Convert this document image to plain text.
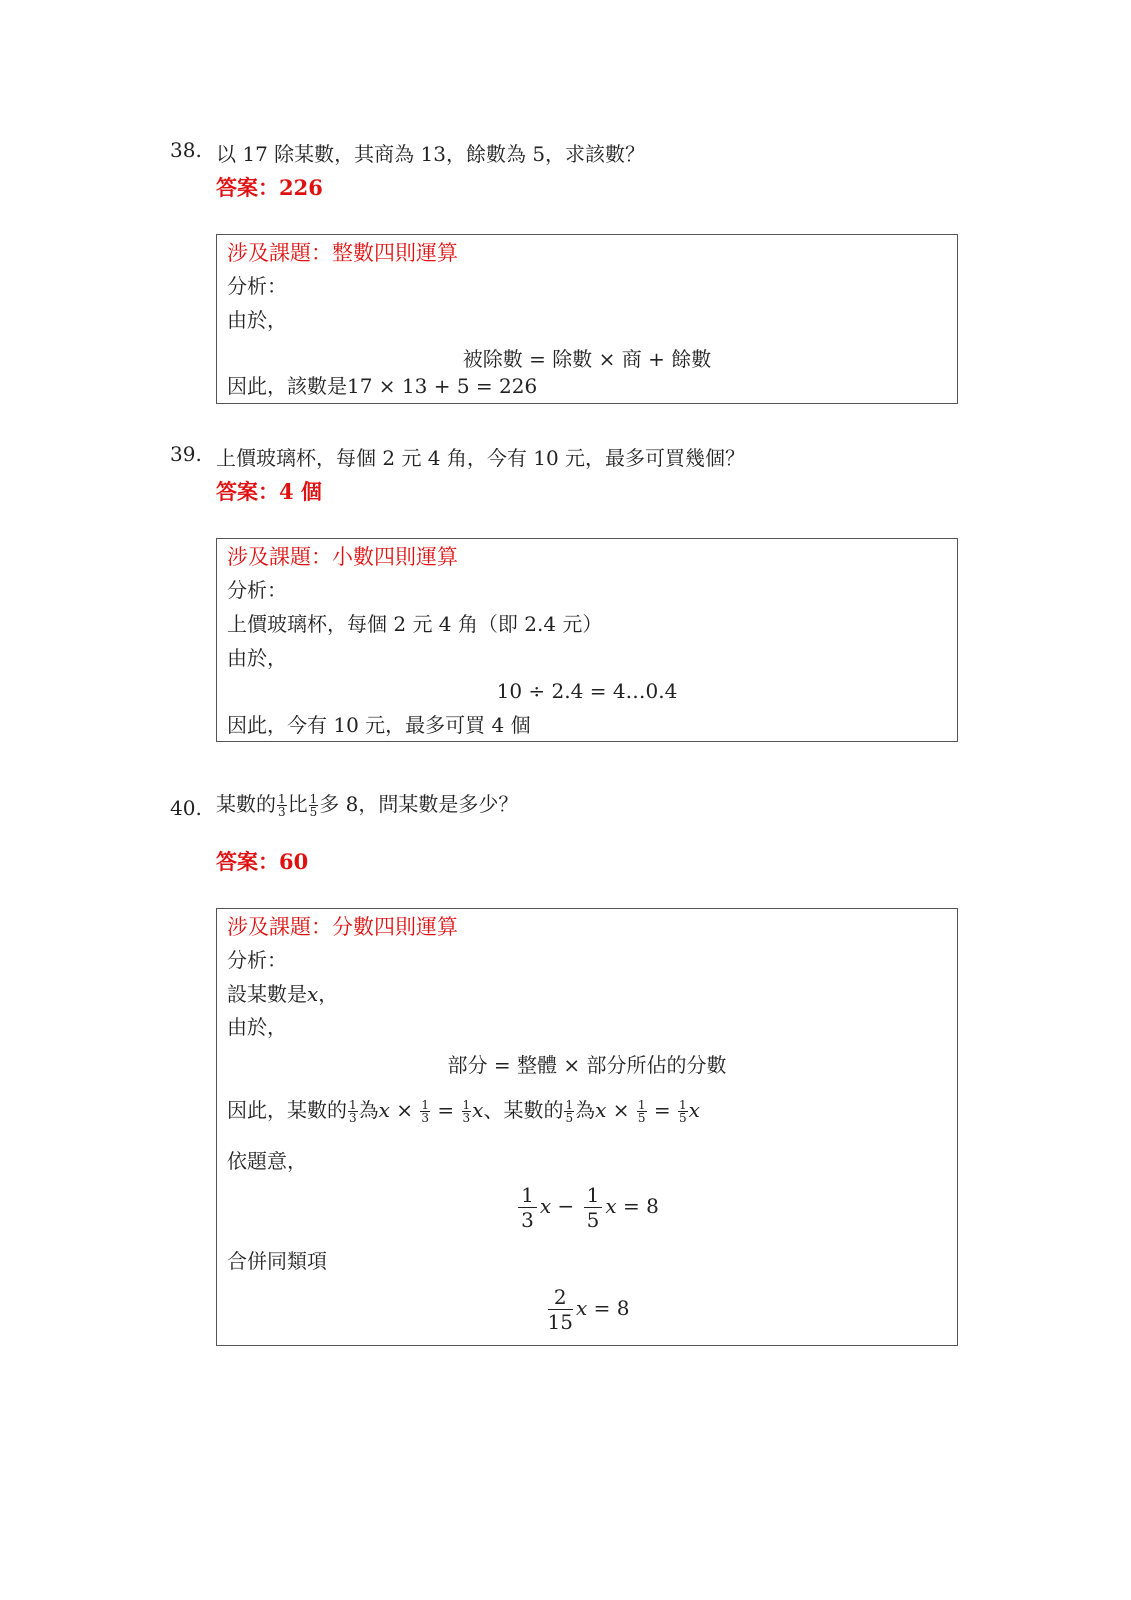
38. 以 17 除某數，其商為 13，餘數為 5，求該數？
答案：226
涉及課題：整數四則運算
分析：
由於，
被除數 = 除數 × 商 + 餘數
因此，該數是17 × 13 + 5 = 226
39. 上價玻璃杯，每個 2 元 4 角，今有 10 元，最多可買幾個？
答案：4 個
涉及課題：小數四則運算
分析：
上價玻璃杯，每個 2 元 4 角（即 2.4 元）
由於，
10 ÷ 2.4 = 4…0.4
因此，今有 10 元，最多可買 4 個
40. 某數的 $\frac{1}{3}$ 比 $\frac{1}{5}$ 多 8，問某數是多少？
答案：60
涉及課題：分數四則運算
分析：
設某數是x，
由於，
部分 = 整體 × 部分所佔的分數
因此，某數的 $\frac{1}{3}$ 為$x \times \frac{1}{3} = \frac{1}{3}$ x、某數的 $\frac{1}{5}$ 為$x \times \frac{1}{5} = \frac{1}{5}$ x
依題意，
$\frac{1}{3}$ $x - \frac{1}{5}$ x = 8
合併同類項
$\frac{2}{15}$ x = 8
